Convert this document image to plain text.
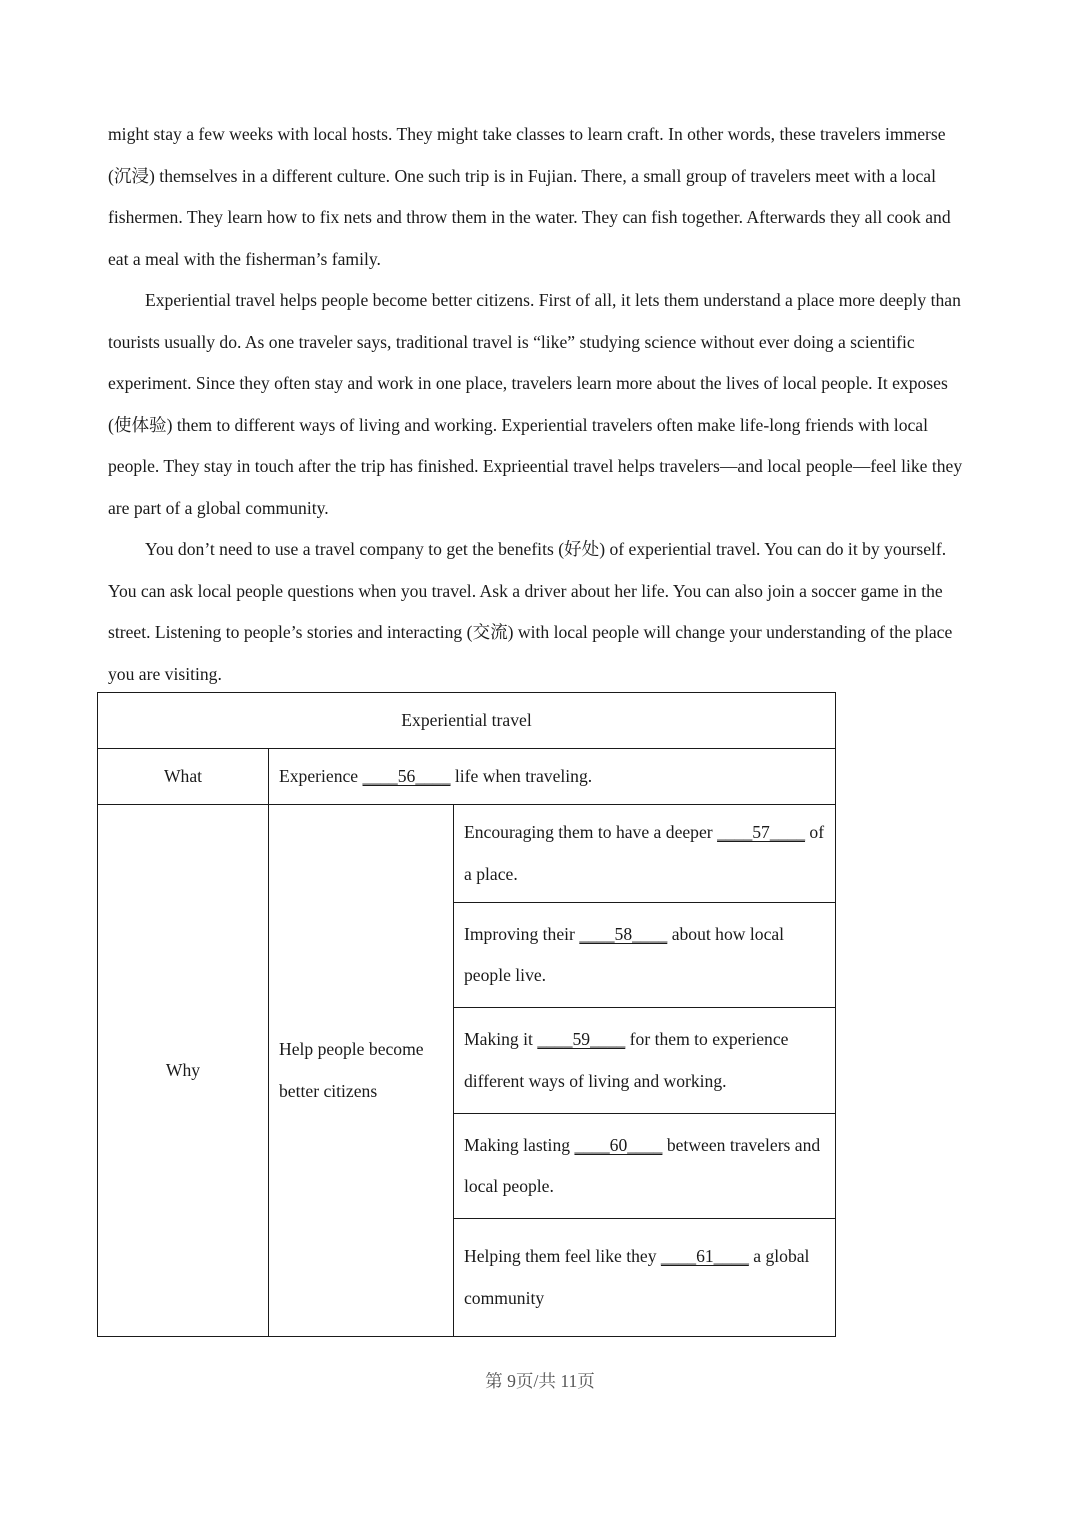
might stay a few weeks with local hosts. They might take classes to learn craft. In other words, these travelers immerse (沉浸) themselves in a different culture. One such trip is in Fujian. There, a small group of travelers meet with a local fishermen. They learn how to fix nets and throw them in the water. They can fish together. Afterwards they all cook and eat a meal with the fisherman’s family.

Experiential travel helps people become better citizens. First of all, it lets them understand a place more deeply than tourists usually do. As one traveler says, traditional travel is “like” studying science without ever doing a scientific experiment. Since they often stay and work in one place, travelers learn more about the lives of local people. It exposes (使体验) them to different ways of living and working. Experiential travelers often make life-long friends with local people. They stay in touch after the trip has finished. Exprieential travel helps travelers—and local people—feel like they are part of a global community.

You don’t need to use a travel company to get the benefits (好处) of experiential travel. You can do it by yourself. You can ask local people questions when you travel. Ask a driver about her life. You can also join a soccer game in the street. Listening to people’s stories and interacting (交流) with local people will change your understanding of the place you are visiting.

Experiential travel		
What	Experience ____56____ life when traveling.	
Why	Help people become better citizens	Encouraging them to have a deeper ____57____ of a place.
		Improving their ____58____ about how local people live.
		Making it ____59____ for them to experience different ways of living and working.
		Making lasting ____60____ between travelers and local people.
		Helping them feel like they ____61____ a global community
第 9页/共 11页
